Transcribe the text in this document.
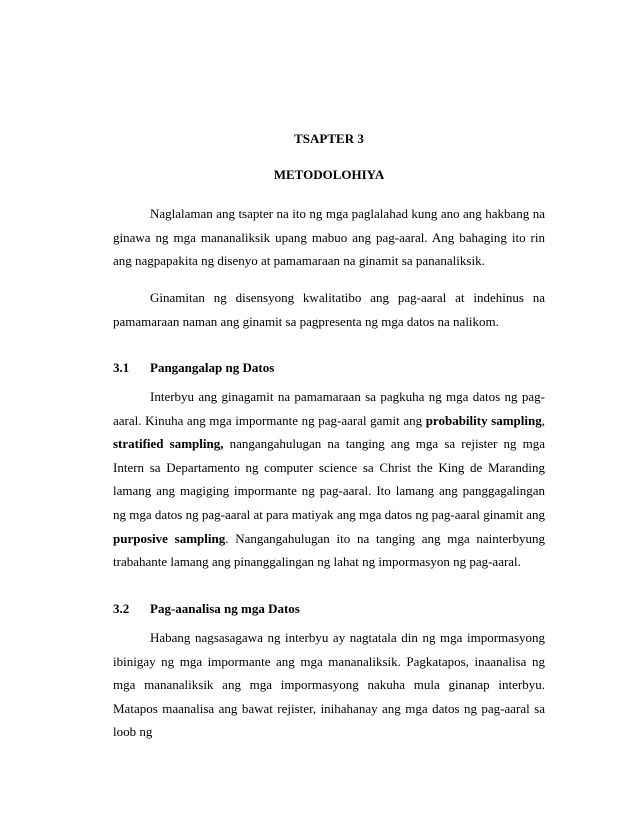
TSAPTER 3
METODOLOHIYA

Naglalaman ang tsapter na ito ng mga paglalahad kung ano ang hakbang na ginawa ng mga mananaliksik upang mabuo ang pag-aaral. Ang bahaging ito rin ang nagpapakita ng disenyo at pamamaraan na ginamit sa pananaliksik.

Ginamitan ng disensyong kwalitatibo ang pag-aaral at indehinus na pamamaraan naman ang ginamit sa pagpresenta ng mga datos na nalikom.

3.1 Pangangalap ng Datos

Interbyu ang ginagamit na pamamaraan sa pagkuha ng mga datos ng pag-aaral. Kinuha ang mga impormante ng pag-aaral gamit ang probability sampling, stratified sampling, nangangahulugan na tanging ang mga sa rejister ng mga Intern sa Departamento ng computer science sa Christ the King de Maranding lamang ang magiging impormante ng pag-aaral. Ito lamang ang panggagalingan ng mga datos ng pag-aaral at para matiyak ang mga datos ng pag-aaral ginamit ang purposive sampling. Nangangahulugan ito na tanging ang mga nainterbyung trabahante lamang ang pinanggalingan ng lahat ng impormasyon ng pag-aaral.

3.2 Pag-aanalisa ng mga Datos

Habang nagsasagawa ng interbyu ay nagtatala din ng mga impormasyong ibinigay ng mga impormante ang mga mananaliksik. Pagkatapos, inaanalisa ng mga mananaliksik ang mga impormasyong nakuha mula ginanap interbyu. Matapos maanalisa ang bawat rejister, inihahanay ang mga datos ng pag-aaral sa loob ng
